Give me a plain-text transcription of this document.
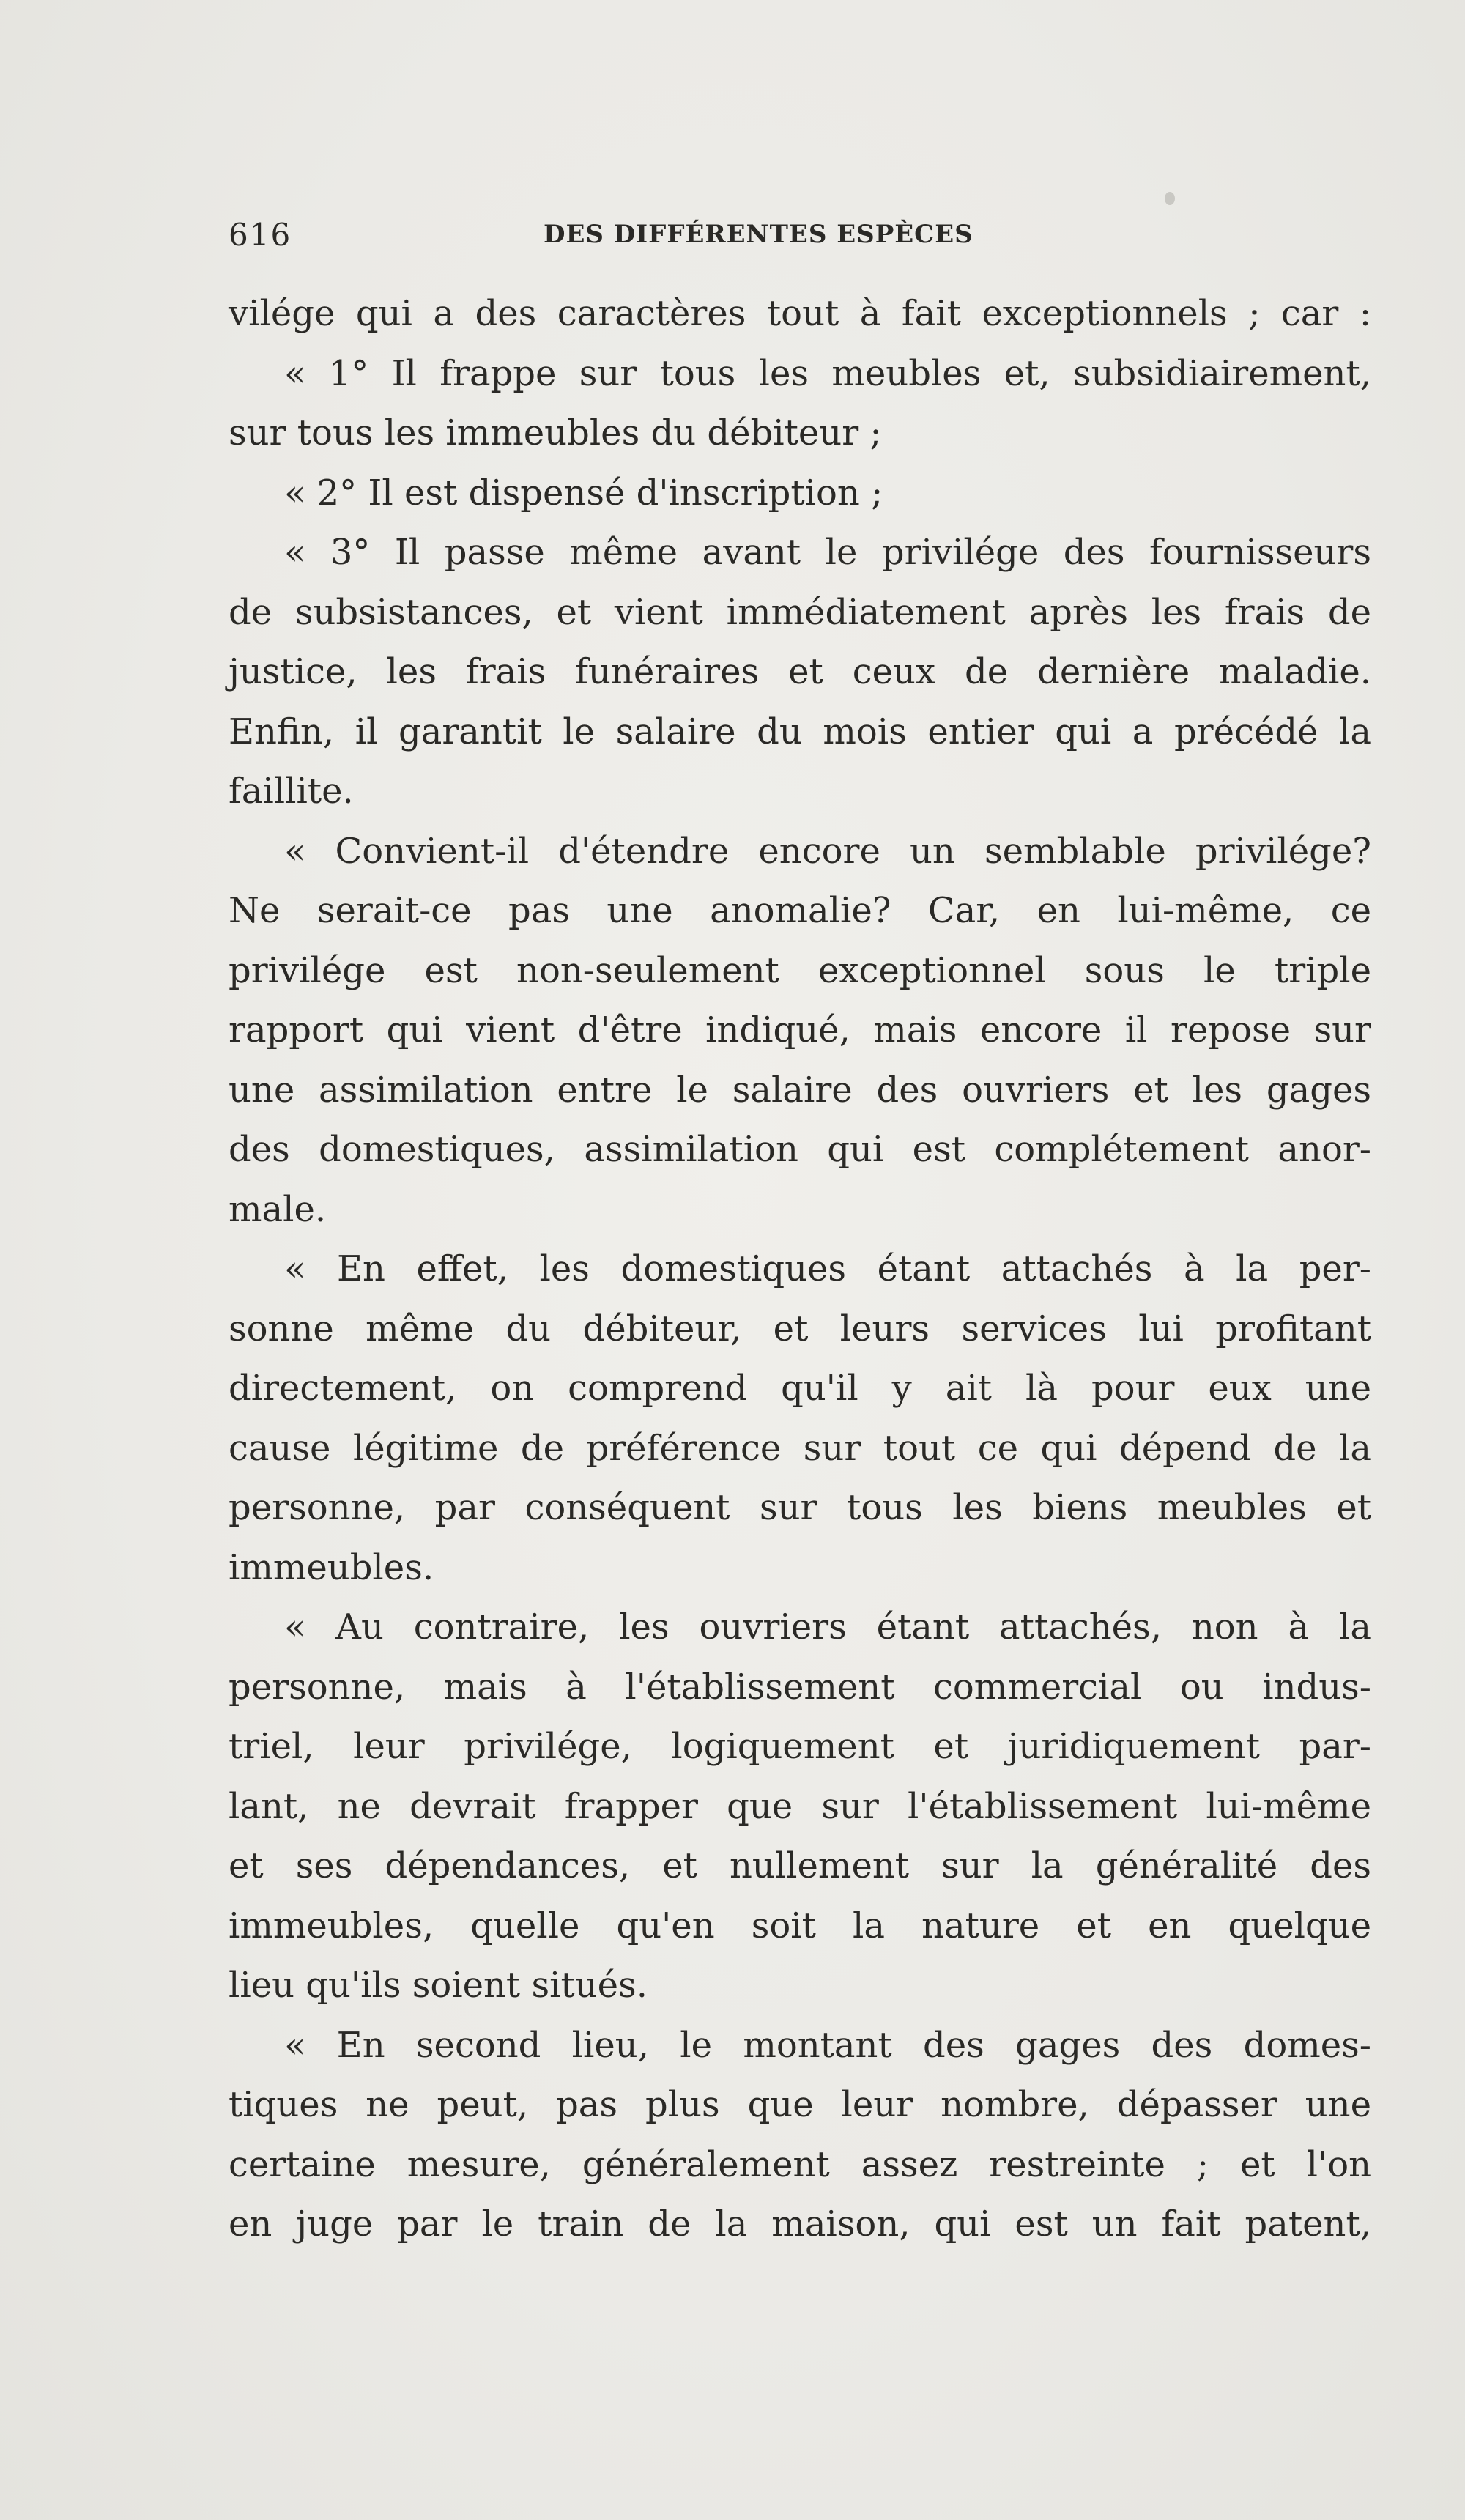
616	DES DIFFÉRENTES ESPÈCES
vilége qui a des caractères tout à fait exceptionnels ; car :
« 1° Il frappe sur tous les meubles et, subsidiairement,
sur tous les immeubles du débiteur ;
« 2° Il est dispensé d'inscription ;
« 3° Il passe même avant le privilége des fournisseurs
de subsistances, et vient immédiatement après les frais de
justice, les frais funéraires et ceux de dernière maladie.
Enfin, il garantit le salaire du mois entier qui a précédé la
faillite.
« Convient-il d'étendre encore un semblable privilége?
Ne serait-ce pas une anomalie? Car, en lui-même, ce
privilége est non-seulement exceptionnel sous le triple
rapport qui vient d'être indiqué, mais encore il repose sur
une assimilation entre le salaire des ouvriers et les gages
des domestiques, assimilation qui est complétement anor-
male.
« En effet, les domestiques étant attachés à la per-
sonne même du débiteur, et leurs services lui profitant
directement, on comprend qu'il y ait là pour eux une
cause légitime de préférence sur tout ce qui dépend de la
personne, par conséquent sur tous les biens meubles et
immeubles.
« Au contraire, les ouvriers étant attachés, non à la
personne, mais à l'établissement commercial ou indus-
triel, leur privilége, logiquement et juridiquement par-
lant, ne devrait frapper que sur l'établissement lui-même
et ses dépendances, et nullement sur la généralité des
immeubles, quelle qu'en soit la nature et en quelque
lieu qu'ils soient situés.
« En second lieu, le montant des gages des domes-
tiques ne peut, pas plus que leur nombre, dépasser une
certaine mesure, généralement assez restreinte ; et l'on
en juge par le train de la maison, qui est un fait patent,
